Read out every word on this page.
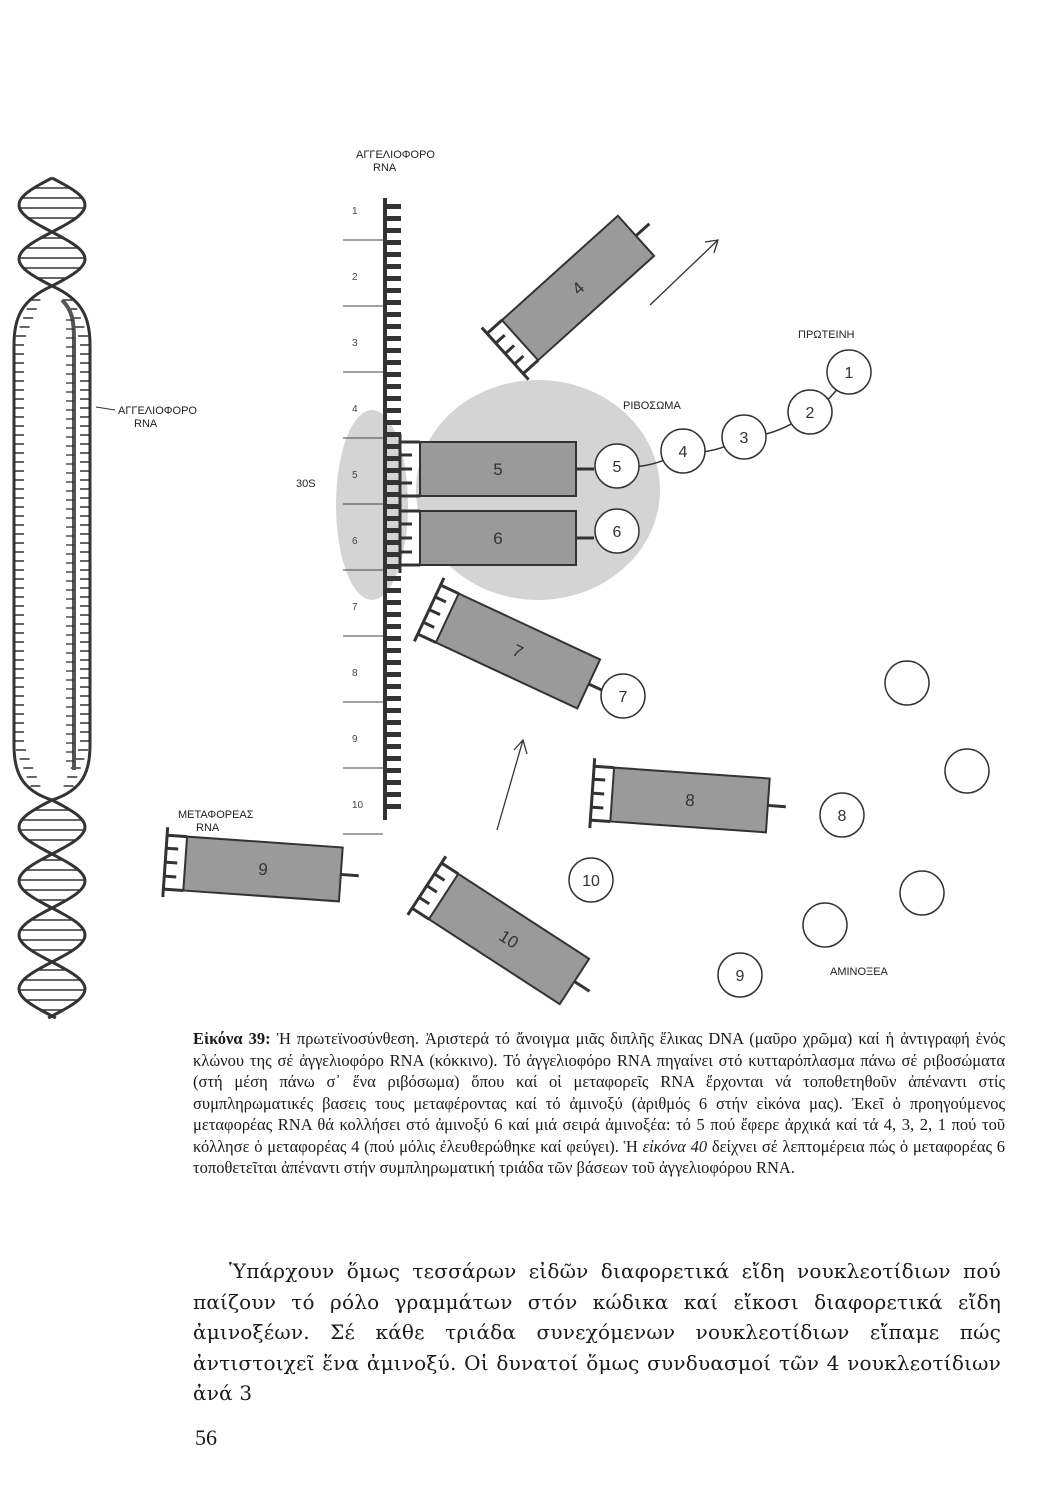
1
2
3
4
5
6
7
8
9
10
4
5
6
7
8
9
10
1
2
3
4
5
6
7
8
9
10
ΑΓΓΕΛΙΟΦΟΡΟ
RNA
ΑΓΓΕΛΙΟΦΟΡΟ
RNA
ΜΕΤΑΦΟΡΕΑΣ
RNA
ΠΡΩΤΕΙΝΗ
ΡΙΒΟΣΩΜΑ
30S
ΑΜΙΝΟΞΕΑ
Εἰκόνα 39: Ἡ πρωτεϊνοσύνθεση. Ἀριστερά τό ἄνοιγμα μιᾶς διπλῆς ἕλικας DNA (μαῦρο χρῶμα) καί ἡ ἀντιγραφή ἑνός κλώνου της σέ ἀγγελιοφόρο RNA (κόκκινο). Τό ἀγγελιοφόρο RNA πηγαίνει στό κυτταρόπλασμα πάνω σέ ριβοσώματα (στή μέση πάνω σ᾽ ἕνα ριβόσωμα) ὅπου καί οἱ μεταφορεῖς RNA ἔρχονται νά τοποθετηθοῦν ἀπέναντι στίς συμπληρωματικές βασεις τους μεταφέροντας καί τό ἀμινοξύ (ἀριθμός 6 στήν εἰκόνα μας). Ἐκεῖ ὁ προηγούμενος μεταφορέας RNA θά κολλήσει στό ἀμινοξύ 6 καί μιά σειρά ἀμινοξέα: τό 5 πού ἔφερε ἀρχικά καί τά 4, 3, 2, 1 πού τοῦ κόλλησε ὁ μεταφορέας 4 (πού μόλις ἐλευθερώθηκε καί φεύγει). Ἡ εἰκόνα 40 δείχνει σέ λεπτομέρεια πώς ὁ μεταφορέας 6 τοποθετεῖται ἀπέναντι στήν συμπληρωματική τριάδα τῶν βάσεων τοῦ ἀγγελιοφόρου RNA.
Ὑπάρχουν ὅμως τεσσάρων εἰδῶν διαφορετικά εἴδη νουκλεοτίδιων πού παίζουν τό ρόλο γραμμάτων στόν κώδικα καί εἴκοσι διαφορετικά εἴδη ἀμινοξέων. Σέ κάθε τριάδα συνεχόμενων νουκλεοτίδιων εἴπαμε πώς ἀντιστοιχεῖ ἕνα ἀμινοξύ. Οἱ δυνατοί ὅμως συνδυασμοί τῶν 4 νουκλεοτίδιων ἀνά 3
56
